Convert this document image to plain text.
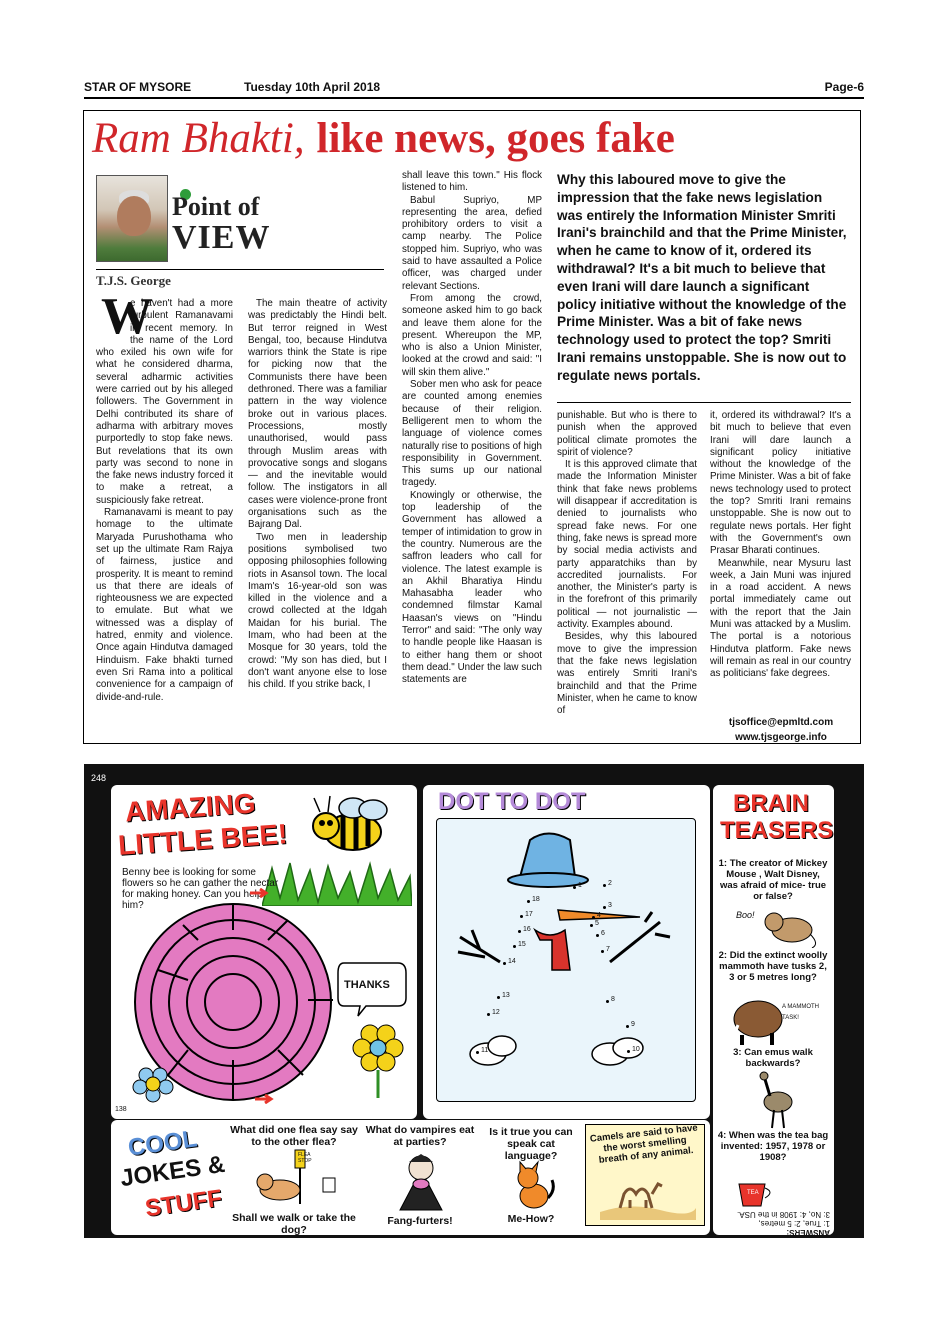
STAR OF MYSORE	Tuesday 10th April 2018	Page-6
Ram Bhakti, like news, goes fake
Point of
VIEW
T.J.S. George
W

e haven't had a more turbulent Ramanavami in recent memory. In the name of the Lord who exiled his own wife for what he considered dharma, several adharmic activities were carried out by his alleged followers. The Government in Delhi contributed its share of adharma with arbitrary moves purportedly to stop fake news. But revelations that its own party was second to none in the fake news industry forced it to make a retreat, a suspiciously fake retreat.

Ramanavami is meant to pay homage to the ultimate Maryada Purushothama who set up the ultimate Ram Rajya of fairness, justice and prosperity. It is meant to remind us that there are ideals of righteousness we are expected to emulate. But what we witnessed was a display of hatred, enmity and violence. Once again Hindutva damaged Hinduism. Fake bhakti turned even Sri Rama into a political convenience for a campaign of divide-and-rule.

The main theatre of activity was predictably the Hindi belt. But terror reigned in West Bengal, too, because Hindutva warriors think the State is ripe for picking now that the Communists there have been dethroned. There was a familiar pattern in the way violence broke out in various places. Processions, mostly unauthorised, would pass through Muslim areas with provocative songs and slogans — and the inevitable would follow. The instigators in all cases were violence-prone front organisations such as the Bajrang Dal.

Two men in leadership positions symbolised two opposing philosophies following riots in Asansol town. The local Imam's 16-year-old son was killed in the violence and a crowd collected at the Idgah Maidan for his burial. The Imam, who had been at the Mosque for 30 years, told the crowd: "My son has died, but I don't want anyone else to lose his child. If you strike back, I

shall leave this town." His flock listened to him.

Babul Supriyo, MP representing the area, defied prohibitory orders to visit a camp nearby. The Police stopped him. Supriyo, who was said to have assaulted a Police officer, was charged under relevant Sections.

From among the crowd, someone asked him to go back and leave them alone for the present. Whereupon the MP, who is also a Union Minister, looked at the crowd and said: "I will skin them alive."

Sober men who ask for peace are counted among enemies because of their religion. Belligerent men to whom the language of violence comes naturally rise to positions of high responsibility in Government. This sums up our national tragedy.

Knowingly or otherwise, the top leadership of the Government has allowed a temper of intimidation to grow in the country. Numerous are the saffron leaders who call for violence. The latest example is an Akhil Bharatiya Hindu Mahasabha leader who condemned filmstar Kamal Haasan's views on "Hindu Terror" and said: "The only way to handle people like Haasan is to either hang them or shoot them dead." Under the law such statements are

Why this laboured move to give the impression that the fake news legislation was entirely the Information Minister Smriti Irani's brainchild and that the Prime Minister, when he came to know of it, ordered its withdrawal? It's a bit much to believe that even Irani will dare launch a significant policy initiative without the knowledge of the Prime Minister. Was a bit of fake news technology used to protect the top? Smriti Irani remains unstoppable. She is now out to regulate news portals.

punishable. But who is there to punish when the approved political climate promotes the spirit of violence?

It is this approved climate that made the Information Minister think that fake news problems will disappear if accreditation is denied to journalists who spread fake news. For one thing, fake news is spread more by social media activists and party apparatchiks than by accredited journalists. For another, the Minister's party is in the forefront of this primarily political — not journalistic — activity. Examples abound.

Besides, why this laboured move to give the impression that the fake news legislation was entirely Smriti Irani's brainchild and that the Prime Minister, when he came to know of

it, ordered its withdrawal? It's a bit much to believe that even Irani will dare launch a significant policy initiative without the knowledge of the Prime Minister. Was a bit of fake news technology used to protect the top? Smriti Irani remains unstoppable. She is now out to regulate news portals. Her fight with the Government's own Prasar Bharati continues.

Meanwhile, near Mysuru last week, a Jain Muni was injured in a road accident. A news portal immediately came out with the report that the Jain Muni was attacked by a Muslim. The portal is a notorious Hindutva platform. Fake news will remain as real in our country as politicians' fake degrees.

tjsoffice@epmltd.com
www.tjsgeorge.info
248
AMAZING
LITTLE BEE!
Benny bee is looking for some flowers so he can gather the nectar for making honey. Can you help him?
138
THANKS
DOT TO DOT
1	2
3
4
5
6
7
8
9
10
11
12
13
14
15
16
17
18
BRAIN
TEASERS
1: The creator of Mickey Mouse , Walt Disney, was afraid of mice- true or false?
Boo!
2: Did the extinct woolly mammoth have tusks 2, 3 or 5 metres long?
A MAMMOTH TASK!
3: Can emus walk backwards?
4: When was the tea bag invented: 1957, 1978 or 1908?
TEA
ANSWERS:
1: True, 2: 5 metres,
3: No, 4: 1908 in the USA.
COOL
JOKES &
STUFF
What did one flea say say to the other flea?
FLEA STOP
Shall we walk or take the dog?
What do vampires eat at parties?
Fang-furters!
Is it true you can speak cat language?
Me-How?
Camels are said to have the worst smelling breath of any animal.
